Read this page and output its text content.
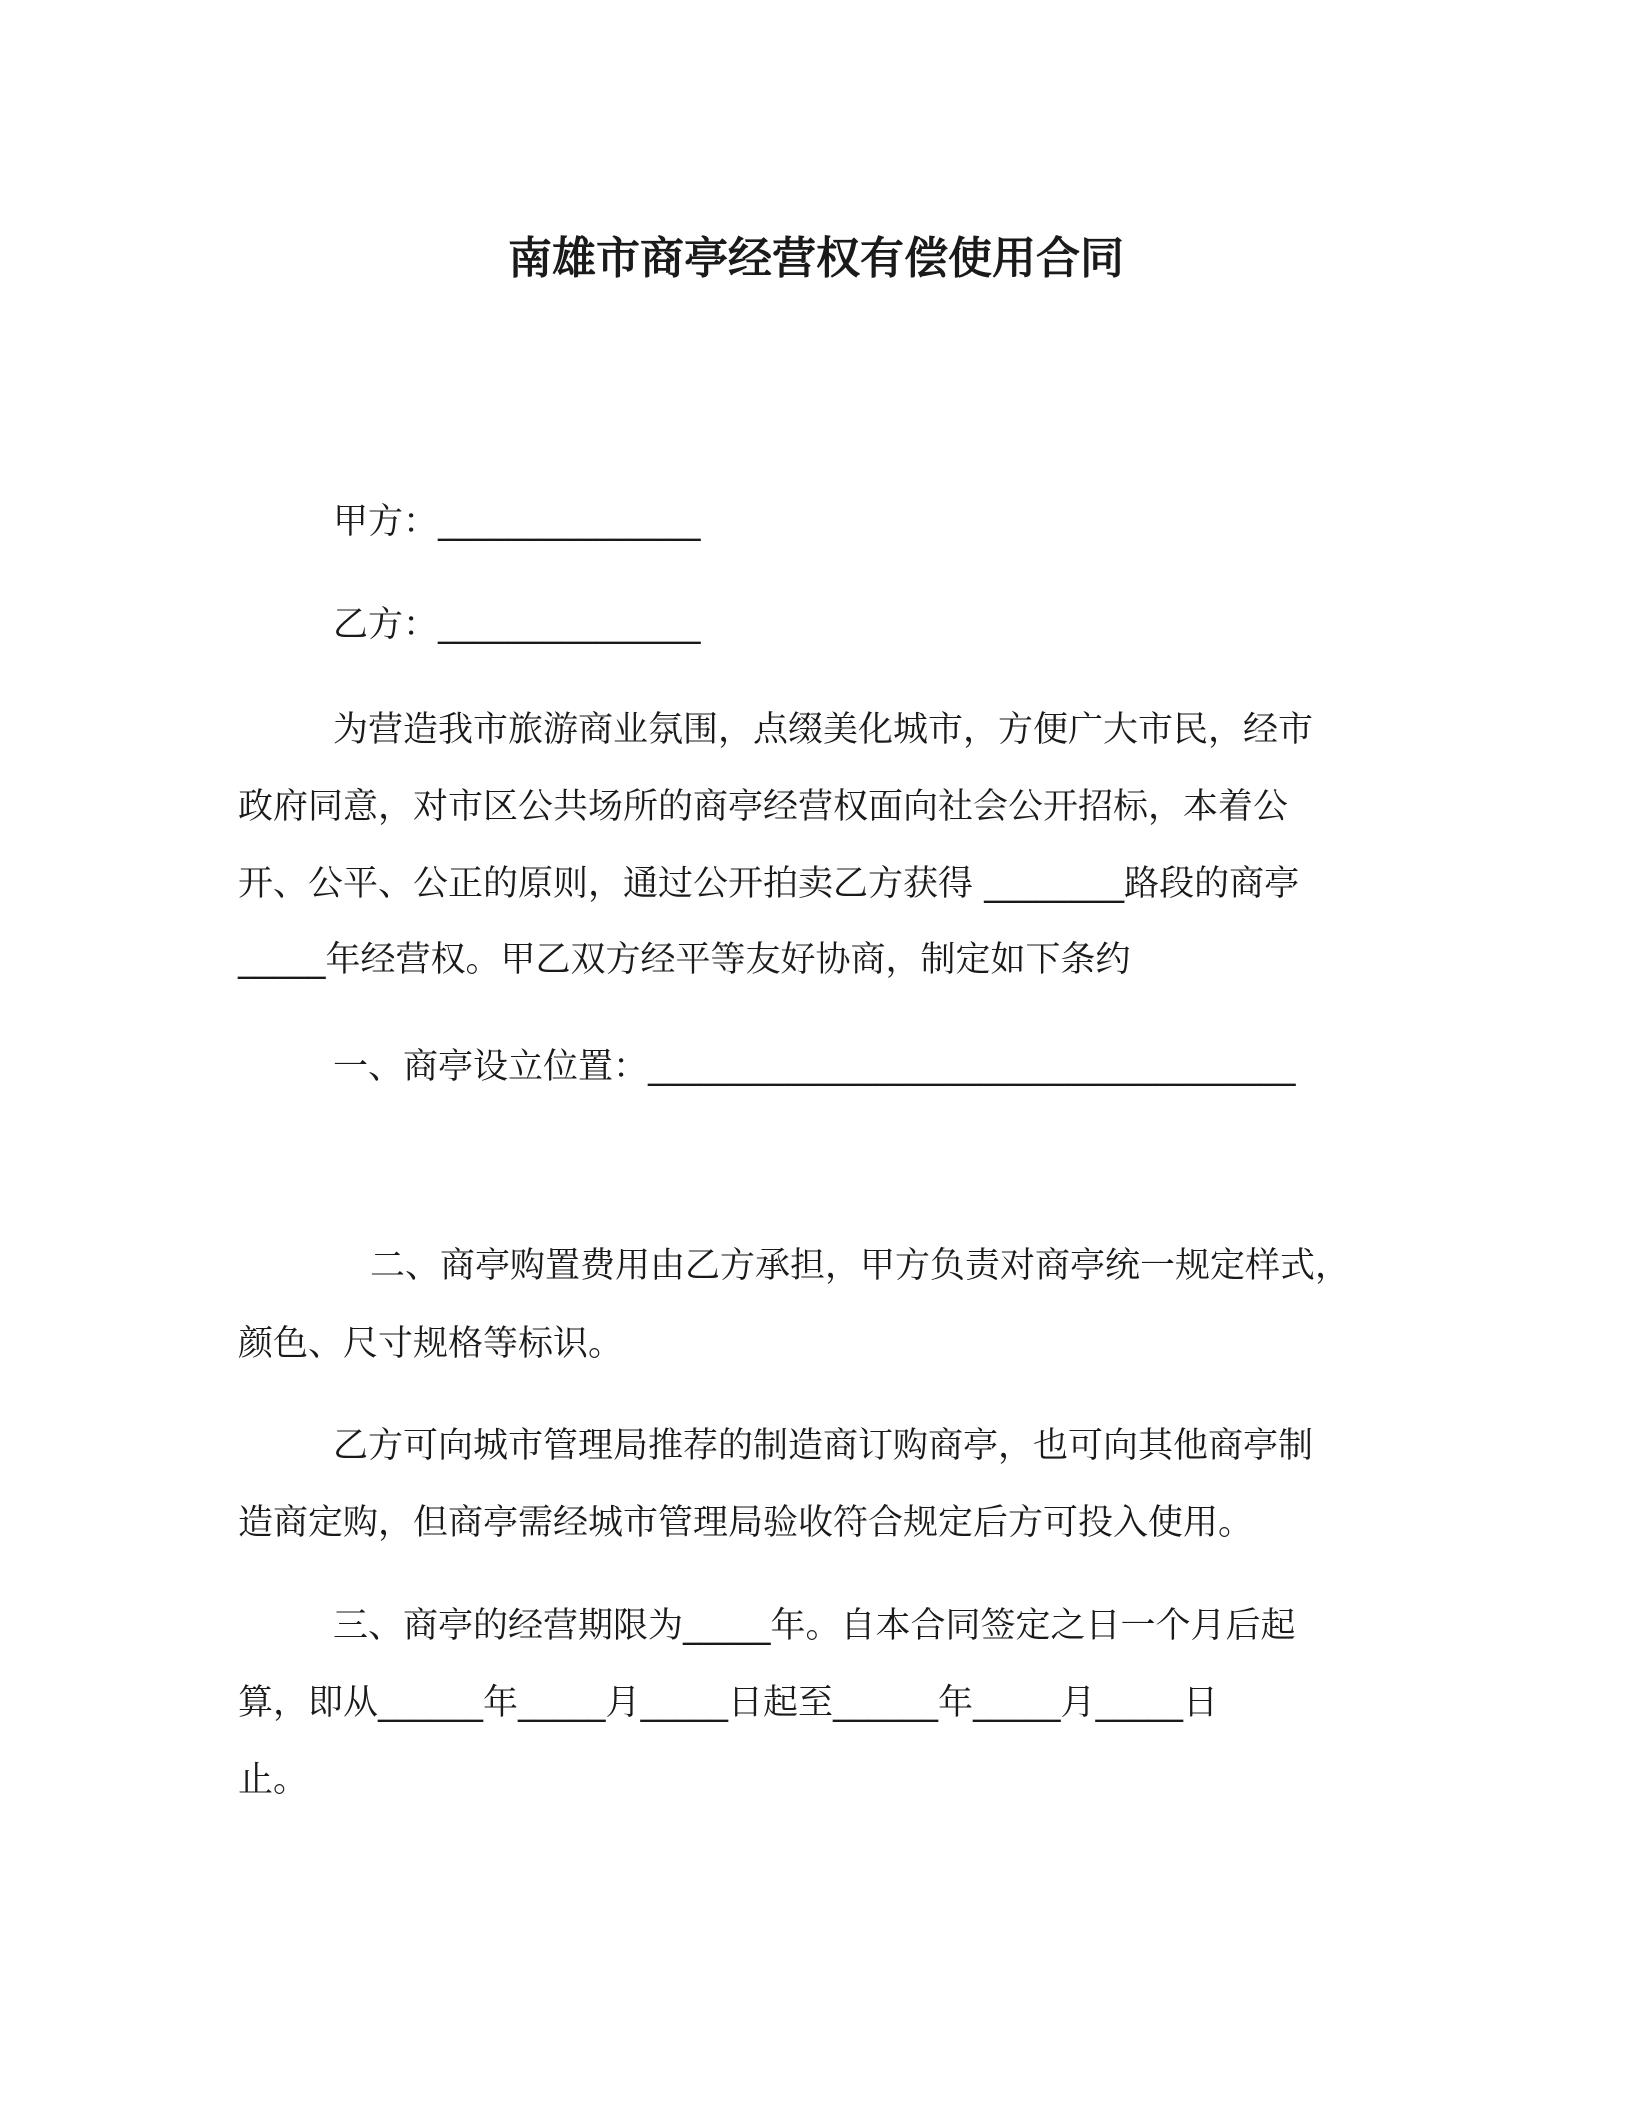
南雄市商亭经营权有偿使用合同
甲方：_______________
乙方：_______________
为营造我市旅游商业氛围，点缀美化城市，方便广大市民，经市
政府同意，对市区公共场所的商亭经营权面向社会公开招标，本着公
开、公平、公正的原则，通过公开拍卖乙方获得 ________路段的商亭
_____年经营权。甲乙双方经平等友好协商，制定如下条约
一、商亭设立位置：_____________________________________
二、商亭购置费用由乙方承担，甲方负责对商亭统一规定样式，
颜色、尺寸规格等标识。
乙方可向城市管理局推荐的制造商订购商亭，也可向其他商亭制
造商定购，但商亭需经城市管理局验收符合规定后方可投入使用。
三、商亭的经营期限为_____年。自本合同签定之日一个月后起
算，即从______年_____月_____日起至______年_____月_____日
止。
